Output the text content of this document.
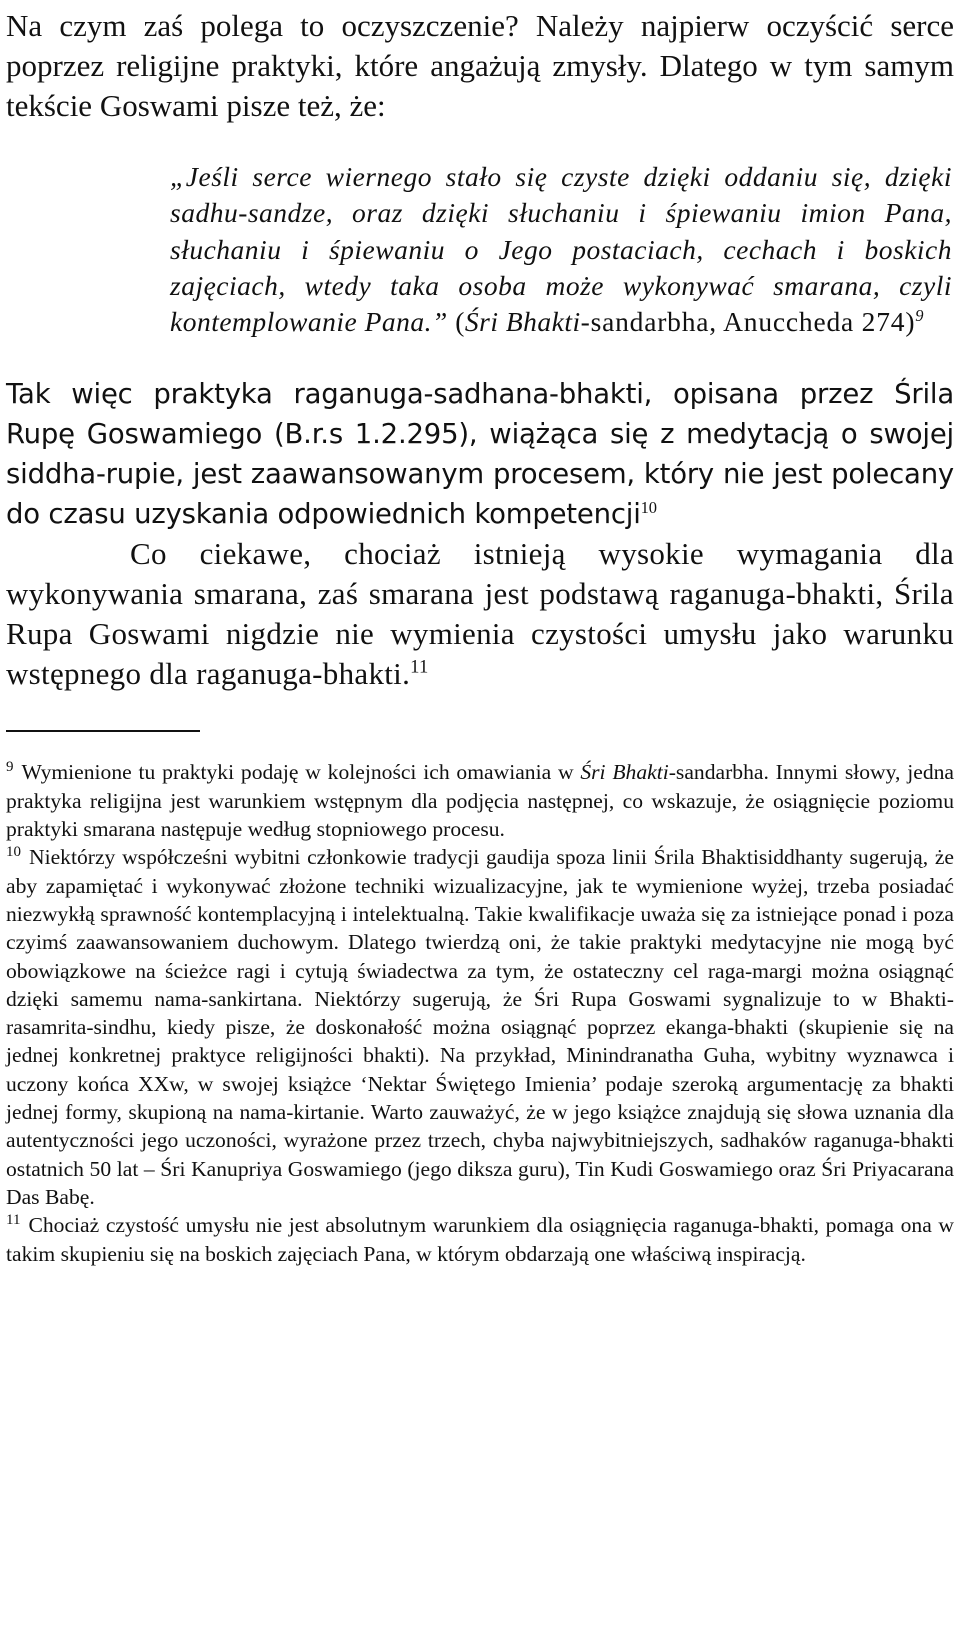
Na czym zaś polega to oczyszczenie? Należy najpierw oczyścić serce poprzez religijne praktyki, które angażują zmysły. Dlatego w tym samym tekście Goswami pisze też, że:

„Jeśli serce wiernego stało się czyste dzięki oddaniu się, dzięki sadhu-sandze, oraz dzięki słuchaniu i śpiewaniu imion Pana, słuchaniu i śpiewaniu o Jego postaciach, cechach i boskich zajęciach, wtedy taka osoba może wykonywać smarana, czyli kontemplowanie Pana.” (Śri Bhakti-sandarbha, Anuccheda 274)$^9$

Tak więc praktyka raganuga-sadhana-bhakti, opisana przez Śrila Rupę Goswamiego (B.r.s 1.2.295), wiążąca się z medytacją o swojej siddha-rupie, jest zaawansowanym procesem, który nie jest polecany do czasu uzyskania odpowiednich kompetencji$^{10}$

Co ciekawe, chociaż istnieją wysokie wymagania dla wykonywania smarana, zaś smarana jest podstawą raganuga-bhakti, Śrila Rupa Goswami nigdzie nie wymienia czystości umysłu jako warunku wstępnego dla raganuga-bhakti.$^{11}$

$^9$ Wymienione tu praktyki podaję w kolejności ich omawiania w Śri Bhakti-sandarbha. Innymi słowy, jedna praktyka religijna jest warunkiem wstępnym dla podjęcia następnej, co wskazuje, że osiągnięcie poziomu praktyki smarana następuje według stopniowego procesu.

$^{10}$ Niektórzy współcześni wybitni członkowie tradycji gaudija spoza linii Śrila Bhaktisiddhanty sugerują, że aby zapamiętać i wykonywać złożone techniki wizualizacyjne, jak te wymienione wyżej, trzeba posiadać niezwykłą sprawność kontemplacyjną i intelektualną. Takie kwalifikacje uważa się za istniejące ponad i poza czyimś zaawansowaniem duchowym. Dlatego twierdzą oni, że takie praktyki medytacyjne nie mogą być obowiązkowe na ścieżce ragi i cytują świadectwa za tym, że ostateczny cel raga-margi można osiągnąć dzięki samemu nama-sankirtana. Niektórzy sugerują, że Śri Rupa Goswami sygnalizuje to w Bhakti-rasamrita-sindhu, kiedy pisze, że doskonałość można osiągnąć poprzez ekanga-bhakti (skupienie się na jednej konkretnej praktyce religijności bhakti). Na przykład, Minindranatha Guha, wybitny wyznawca i uczony końca XXw, w swojej książce ‘Nektar Świętego Imienia’ podaje szeroką argumentację za bhakti jednej formy, skupioną na nama-kirtanie. Warto zauważyć, że w jego książce znajdują się słowa uznania dla autentyczności jego uczoności, wyrażone przez trzech, chyba najwybitniejszych, sadhaków raganuga-bhakti ostatnich 50 lat – Śri Kanupriya Goswamiego (jego diksza guru), Tin Kudi Goswamiego oraz Śri Priyacarana Das Babę.

$^{11}$ Chociaż czystość umysłu nie jest absolutnym warunkiem dla osiągnięcia raganuga-bhakti, pomaga ona w takim skupieniu się na boskich zajęciach Pana, w którym obdarzają one właściwą inspiracją.
